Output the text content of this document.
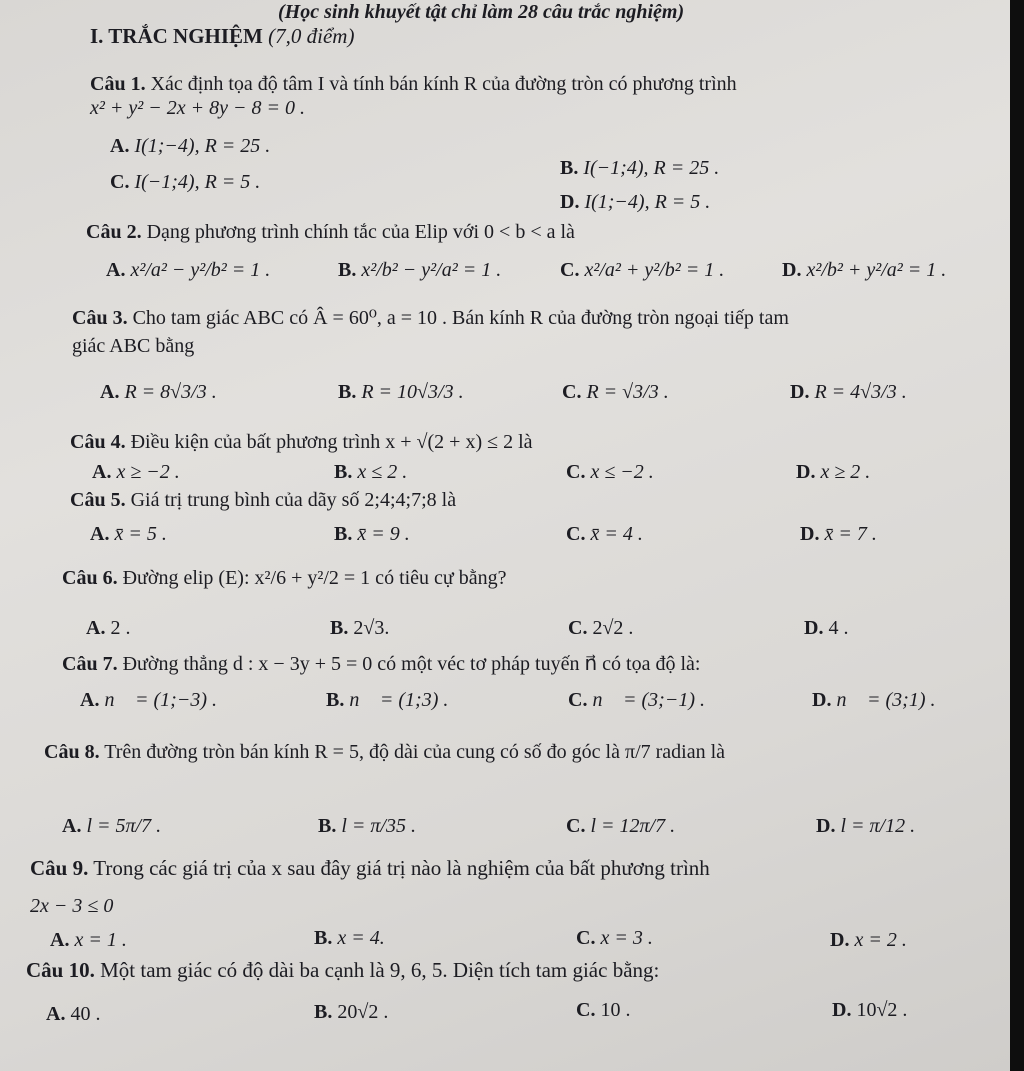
(Học sinh khuyết tật chỉ làm 28 câu trắc nghiệm)
I. TRẮC NGHIỆM (7,0 điểm)
Câu 1. Xác định tọa độ tâm I và tính bán kính R của đường tròn có phương trình
x² + y² − 2x + 8y − 8 = 0 .
A. I(1;−4), R = 25 .
B. I(−1;4), R = 25 .
C. I(−1;4), R = 5 .
D. I(1;−4), R = 5 .
Câu 2. Dạng phương trình chính tắc của Elip với 0 < b < a là
A. x²/a² − y²/b² = 1 .	B. x²/b² − y²/a² = 1 .	C. x²/a² + y²/b² = 1 .	D. x²/b² + y²/a² = 1 .
Câu 3. Cho tam giác ABC có Â = 60⁰, a = 10 . Bán kính R của đường tròn ngoại tiếp tam
giác ABC bằng
A. R = 8√3/3 .	B. R = 10√3/3 .	C. R = √3/3 .	D. R = 4√3/3 .
Câu 4. Điều kiện của bất phương trình x + √(2 + x) ≤ 2 là
A. x ≥ −2 .	B. x ≤ 2 .	C. x ≤ −2 .	D. x ≥ 2 .
Câu 5. Giá trị trung bình của dãy số 2;4;4;7;8 là
A. x̄ = 5 .	B. x̄ = 9 .	C. x̄ = 4 .	D. x̄ = 7 .
Câu 6. Đường elip (E): x²/6 + y²/2 = 1 có tiêu cự bằng?
A. 2 .	B. 2√3.	C. 2√2 .	D. 4 .
Câu 7. Đường thẳng d : x − 3y + 5 = 0 có một véc tơ pháp tuyến n⃗ có tọa độ là:
A. n⃗ = (1;−3) .	B. n⃗ = (1;3) .	C. n⃗ = (3;−1) .	D. n⃗ = (3;1) .
Câu 8. Trên đường tròn bán kính R = 5, độ dài của cung có số đo góc là π/7 radian là
A. l = 5π/7 .	B. l = π/35 .	C. l = 12π/7 .	D. l = π/12 .
Câu 9. Trong các giá trị của x sau đây giá trị nào là nghiệm của bất phương trình
2x − 3 ≤ 0
A. x = 1 .	B. x = 4.	C. x = 3 .	D. x = 2 .
Câu 10. Một tam giác có độ dài ba cạnh là 9, 6, 5. Diện tích tam giác bằng:
A. 40 .	B. 20√2 .	C. 10 .	D. 10√2 .
